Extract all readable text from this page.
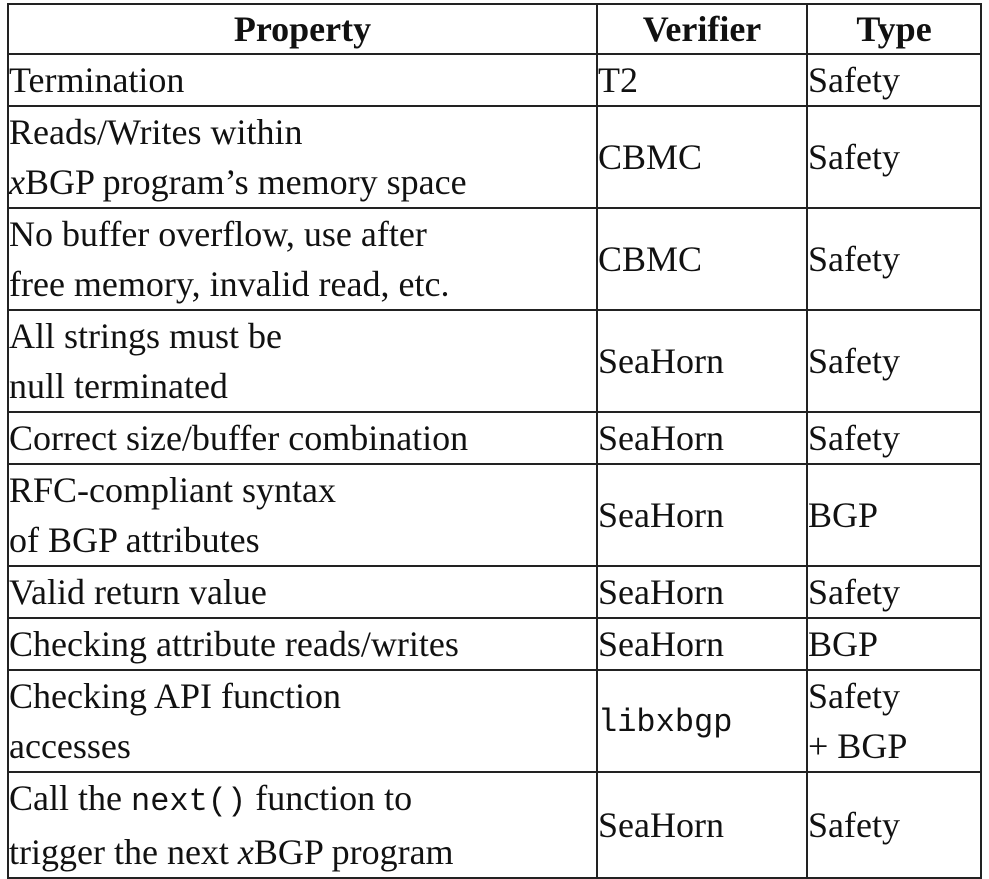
Property	Verifier	Type

Termination	T2	Safety

Reads/Writes within
xBGP program’s memory space	CBMC	Safety

No buffer overflow, use after
free memory, invalid read, etc.	CBMC	Safety

All strings must be
null terminated	SeaHorn	Safety

Correct size/buffer combination	SeaHorn	Safety

RFC-compliant syntax
of BGP attributes	SeaHorn	BGP

Valid return value	SeaHorn	Safety

Checking attribute reads/writes	SeaHorn	BGP

Checking API function
accesses	libxbgp	Safety
+ BGP

Call the next() function to
trigger the next xBGP program	SeaHorn	Safety
